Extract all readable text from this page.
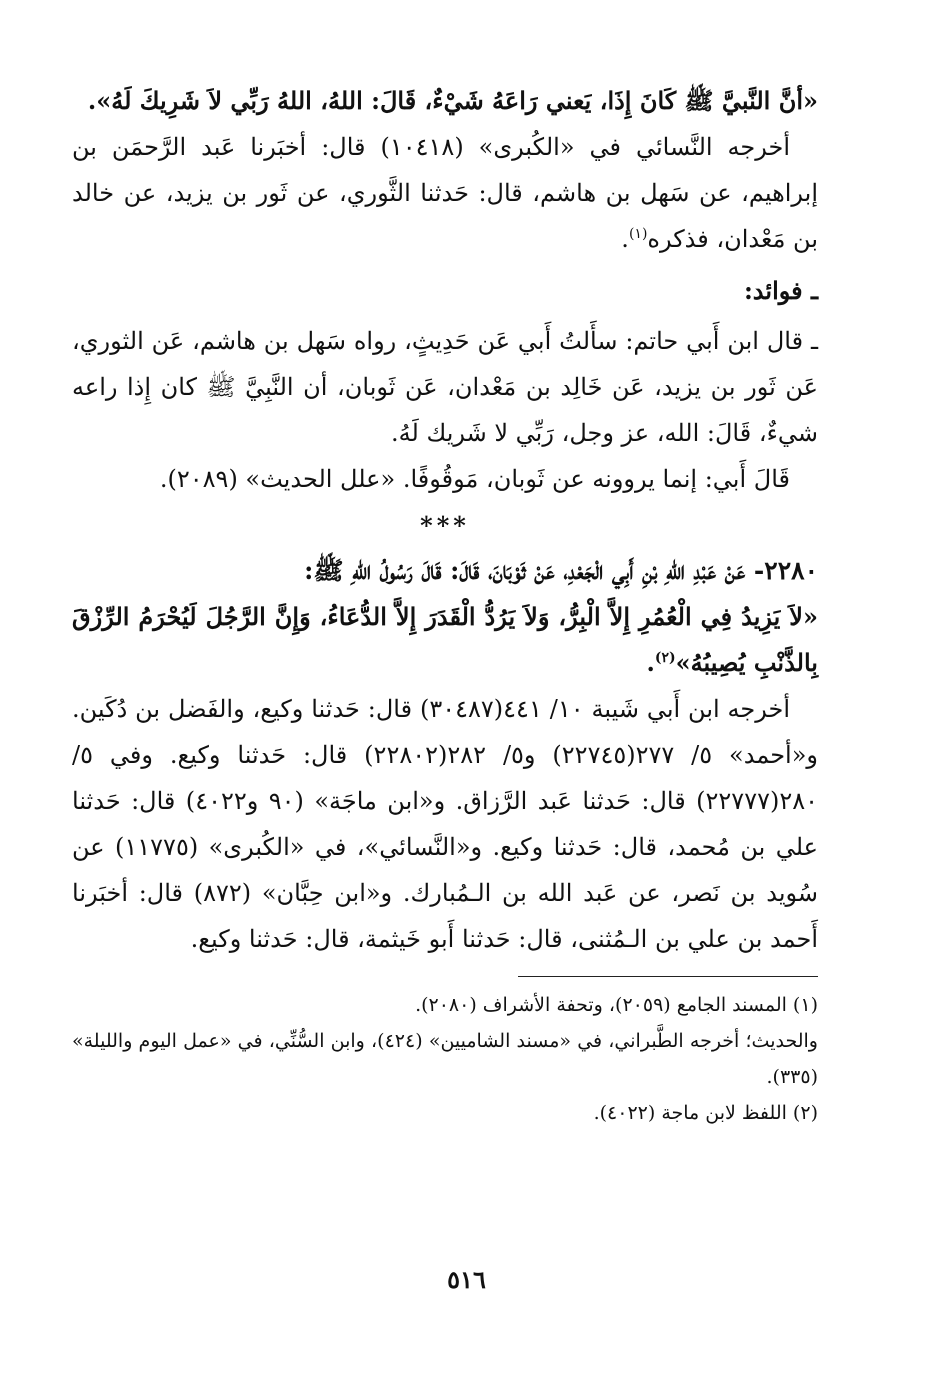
«أنَّ النَّبيَّ ﷺ كَانَ إِذَا، يَعني رَاعَهُ شَيْءٌ، قَالَ: اللهُ، اللهُ رَبِّي لاَ شَرِيكَ لَهُ».

أخرجه النَّسائي في «الكُبرى» (١٠٤١٨) قال: أخبَرنا عَبد الرَّحمَن بن إبراهيم، عن سَهل بن هاشم، قال: حَدثنا الثَّوري، عن ثَور بن يزيد، عن خالد بن مَعْدان، فذكره$^{(١)}$.

ـ فوائد:

ـ قال ابن أَبي حاتم: سأَلتُ أَبي عَن حَدِيثٍ، رواه سَهل بن هاشم، عَن الثوري، عَن ثَور بن يزيد، عَن خَالِد بن مَعْدان، عَن ثَوبان، أن النَّبِيَّ ﷺ كان إِذا راعه شيءٌ، قَالَ: الله، عز وجل، رَبِّي لا شَريك لَهُ.

قَالَ أَبي: إنما يروونه عن ثَوبان، مَوقُوفًا. «علل الحديث» (٢٠٨٩).

***

٢٢٨٠- عَنْ عَبْدِ اللهِ بْنِ أَبِي الْجَعْدِ، عَنْ ثَوْبَانَ، قَالَ: قَالَ رَسُولُ اللهِ ﷺ:

«لاَ يَزِيدُ فِي الْعُمُرِ إِلاَّ الْبِرُّ، وَلاَ يَرُدُّ الْقَدَرَ إِلاَّ الدُّعَاءُ، وَإِنَّ الرَّجُلَ لَيُحْرَمُ الرِّزْقَ بِالذَّنْبِ يُصِيبُهُ»$^{(٢)}$.

أخرجه ابن أَبي شَيبة ١٠/ ٤٤١(٣٠٤٨٧) قال: حَدثنا وكيع، والفَضل بن دُكَين. و«أحمد» ٥/ ٢٧٧(٢٢٧٤٥) و٥/ ٢٨٢(٢٢٨٠٢) قال: حَدثنا وكيع. وفي ٥/ ٢٨٠(٢٢٧٧٧) قال: حَدثنا عَبد الرَّزاق. و«ابن ماجَة» (٩٠ و٤٠٢٢) قال: حَدثنا علي بن مُحمد، قال: حَدثنا وكيع. و«النَّسائي»، في «الكُبرى» (١١٧٧٥) عن سُويد بن نَصر، عن عَبد الله بن الـمُبارك. و«ابن حِبَّان» (٨٧٢) قال: أخبَرنا أَحمد بن علي بن الـمُثنى، قال: حَدثنا أَبو خَيثمة، قال: حَدثنا وكيع.

(١) المسند الجامع (٢٠٥٩)، وتحفة الأشراف (٢٠٨٠).

والحديث؛ أخرجه الطَّبراني، في «مسند الشاميين» (٤٢٤)، وابن السُّنِّي، في «عمل اليوم والليلة» (٣٣٥).

(٢) اللفظ لابن ماجة (٤٠٢٢).

٥١٦
